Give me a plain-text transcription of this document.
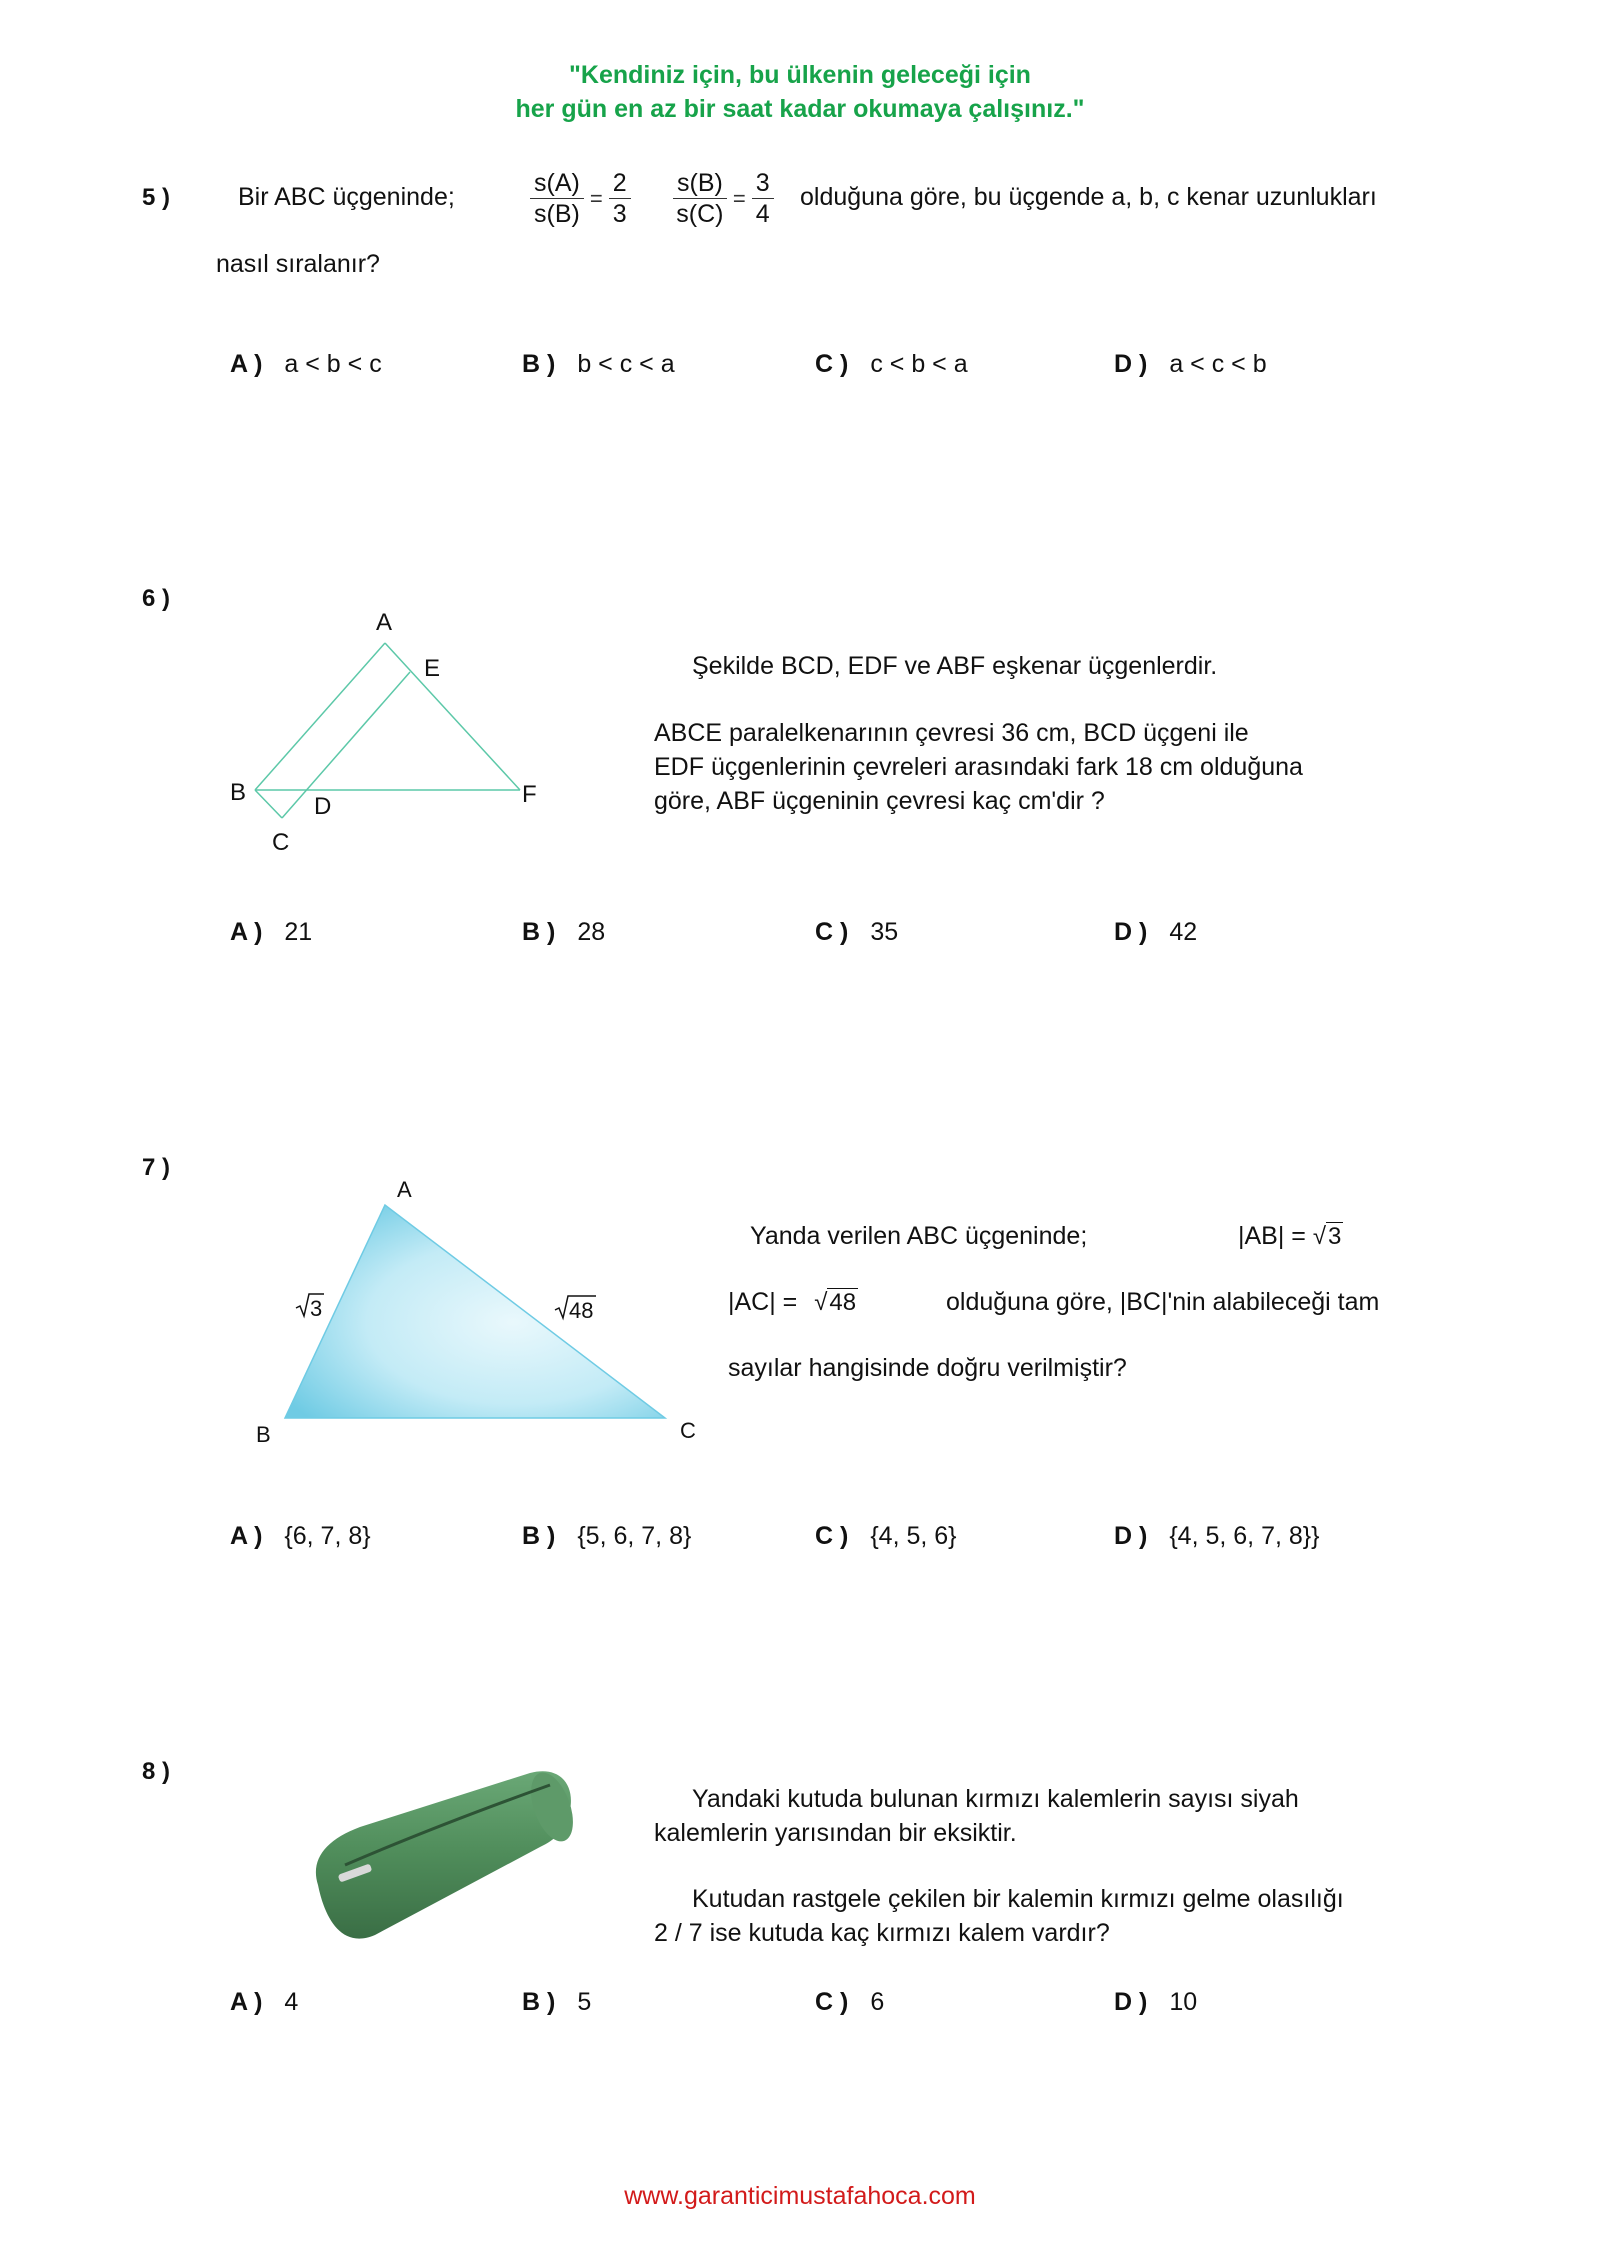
"Kendiniz için, bu ülkenin geleceği için
her gün en az bir saat kadar okumaya çalışınız."
5 )	Bir ABC üçgeninde;	$\frac{s(A)}{s(B)} = \frac{2}{3} \frac{s(B)}{s(C)} = \frac{3}{4}$ olduğuna göre, bu üçgende a, b, c kenar uzunlukları
nasıl sıralanır?
A ) a < b < c	B ) b < c < a	C ) c < b < a	D ) a < c < b
6 )
A
E
B
D	F
C
Şekilde BCD, EDF ve ABF eşkenar üçgenlerdir.
ABCE paralelkenarının çevresi 36 cm, BCD üçgeni ile
EDF üçgenlerinin çevreleri arasındaki fark 18 cm olduğuna
göre, ABF üçgeninin çevresi kaç cm'dir ?
A ) 21	B ) 28	C ) 35	D ) 42
7 )
A
B	C
3	48
Yanda verilen ABC üçgeninde;	|AB| = √3
|AC| = √48	olduğuna göre, |BC|'nin alabileceği tam
sayılar hangisinde doğru verilmiştir?
A ) {6, 7, 8}	B ) {5, 6, 7, 8}	C ) {4, 5, 6}	D ) {4, 5, 6, 7, 8}}
8 )
Yandaki kutuda bulunan kırmızı kalemlerin sayısı siyah
kalemlerin yarısından bir eksiktir.
Kutudan rastgele çekilen bir kalemin kırmızı gelme olasılığı
2 / 7 ise kutuda kaç kırmızı kalem vardır?
A ) 4	B ) 5	C ) 6	D ) 10
www.garanticimustafahoca.com
